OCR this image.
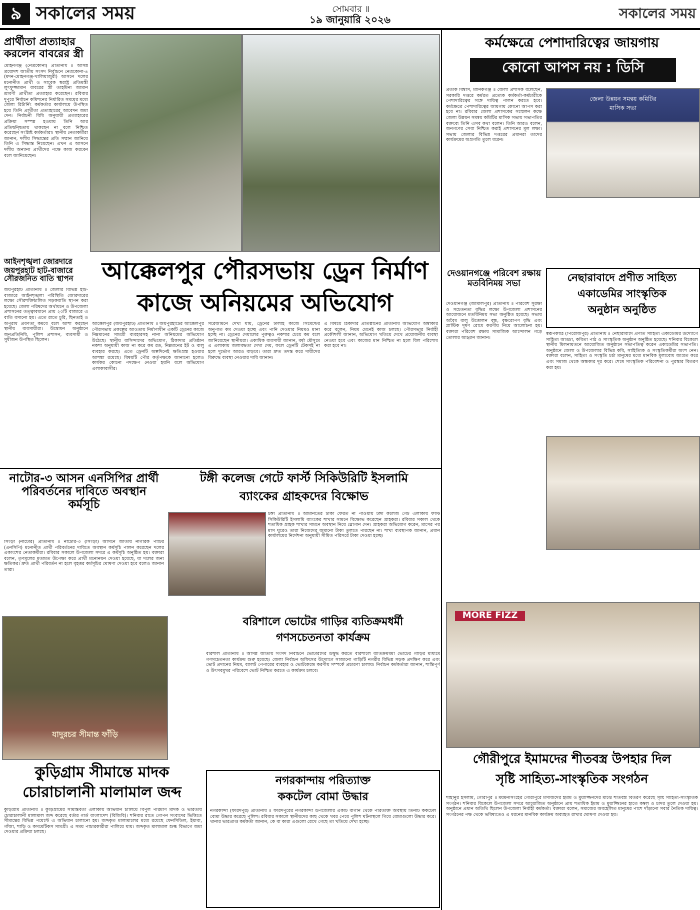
৯ সকালের সময়	সোমবার ॥
১৯ জানুয়ারি ২০২৬	সকালের সময়
প্রার্থীতা প্রত্যাহার করলেন বাবরের স্ত্রী
মোহনগঞ্জ (নেত্রকোনা) প্রতিনিধি ॥ আসন্ন ত্রয়োদশ জাতীয় সংসদ নির্বাচনে নেত্রকোনা-৪ (মদন-মোহনগঞ্জ-খালিয়াজুরী) আসনে দলের মনোনীত প্রার্থী ও সাবেক স্বরাষ্ট্র প্রতিমন্ত্রী লুৎফুজ্জামান বাবরের স্ত্রী তাহমিনা জামান শ্রাবণী প্রার্থীতা প্রত্যাহার করেছেন। রবিবার দুপুরে নির্বাচন কমিশনের নির্ধারিত সময়ের মধ্যে জেলা রিটার্নিং কর্মকর্তার কার্যালয়ে উপস্থিত হয়ে তিনি প্রার্থীতা প্রত্যাহারের আবেদন জমা দেন। নির্বাচনী বিধি অনুযায়ী প্রত্যাহারের প্রক্রিয়া সম্পন্ন হওয়ায় তিনি আর প্রতিদ্বন্দ্বিতায় থাকছেন না বলে নিশ্চিত করেছেন সংশ্লিষ্ট কর্মকর্তারা। স্থানীয় নেতাকর্মীরা জানান, দলীয় সিদ্ধান্তের প্রতি সম্মান জানিয়ে তিনি এ সিদ্ধান্ত নিয়েছেন। এখন এ আসনে দলীয় অন্যান্য প্রার্থীদের পক্ষে কাজ করবেন বলে জানিয়েছেন।
আইনশৃঙ্খলা জোরদারে জয়পুরহাট হাট-বাজারে সৌরজনিত বাতি স্থাপন
জয়পুরহাট প্রতিনিধি ॥ জেলার বিভিন্ন হাট-বাজারে আইনশৃঙ্খলা পরিস্থিতি জোরদারের লক্ষ্যে সৌরশক্তিচালিত সড়কবাতি স্থাপন করা হয়েছে। জেলা পরিষদের অর্থায়নে ও উপজেলা প্রশাসনের তত্ত্বাবধানে প্রায় ২০টি বাজারে এ বাতি বসানো হয়। এতে রাতে চুরি, ছিনতাই ও অপরাধ প্রবণতা কমবে বলে আশা করছেন স্থানীয় ব্যবসায়ীরা। উদ্বোধন অনুষ্ঠানে জনপ্রতিনিধি, পুলিশ প্রশাসন, ব্যবসায়ী ও সুধীজন উপস্থিত ছিলেন।
আক্কেলপুর পৌরসভায় ড্রেন নির্মাণ
কাজে অনিয়মের অভিযোগ
আক্কেলপুর (জয়পুরহাট) প্রতিনিধি ॥ জয়পুরহাটের আক্কেলপুর পৌরসভায় প্রকল্পের আওতায় নির্মাণাধীন একটি ড্রেনের কাজে নিম্নমানের সামগ্রী ব্যবহারসহ নানা অনিয়মের অভিযোগ উঠেছে। স্থানীয় বাসিন্দাদের অভিযোগ, ঠিকাদার প্রতিষ্ঠান নকশা অনুযায়ী কাজ না করে কম রড, নিম্নমানের ইট ও বালু ব্যবহার করছে। এতে ড্রেনটি অল্পদিনেই ক্ষতিগ্রস্ত হওয়ার আশঙ্কা রয়েছে। বিষয়টি পৌর কর্তৃপক্ষকে জানানো হলেও কার্যকর কোনো পদক্ষেপ নেওয়া হয়নি বলে অভিযোগ এলাকাবাসীর।
সরেজমিনে দেখা যায়, ড্রেনের ঢালাই কাজে সিমেন্টের অনুপাত কম দেওয়া হচ্ছে এবং পানি দেওয়ার নিয়মও মানা হচ্ছে না। ড্রেনের দেয়ালের পুরুত্বও নকশার চেয়ে কম বলে জানিয়েছেন স্থানীয়রা। একাধিক ব্যবসায়ী জানান, বর্ষা মৌসুমে এ এলাকায় জলাবদ্ধতা দেখা দেয়, ফলে ড্রেনটি টেকসই না হলে দুর্ভোগ আরও বাড়বে। তারা দ্রুত তদন্ত করে দায়ীদের বিরুদ্ধে ব্যবস্থা নেওয়ার দাবি জানান।
এ বিষয়ে ঠিকাদার প্রতিষ্ঠানের প্রতিনিধি অভিযোগ অস্বীকার করে বলেন, নিয়ম মেনেই কাজ চলছে। পৌরসভার নির্বাহী প্রকৌশলী জানান, অভিযোগ খতিয়ে দেখে প্রয়োজনীয় ব্যবস্থা নেওয়া হবে এবং কাজের মান নিশ্চিত না হলে বিল পরিশোধ করা হবে না।
নাটোর-৩ আসন এনসিপির প্রার্থী পরিবর্তনের দাবিতে অবস্থান কর্মসূচি
সিংড়া (নাটোর) প্রতিনিধি ॥ নাটোর-৩ (সিংড়া) আসনে জাতীয় নাগরিক পার্টির (এনসিপি) মনোনীত প্রার্থী পরিবর্তনের দাবিতে অবস্থান কর্মসূচি পালন করেছেন দলের একাংশের নেতাকর্মীরা। রবিবার সকালে উপজেলা সদরে এ কর্মসূচি অনুষ্ঠিত হয়। বক্তারা বলেন, তৃণমূলের মতামত উপেক্ষা করে প্রার্থী মনোনয়ন দেওয়া হয়েছে, যা দলের জন্য ক্ষতিকর। দ্রুত প্রার্থী পরিবর্তন না হলে বৃহত্তর কর্মসূচির ঘোষণা দেওয়া হবে বলেও জানান তারা।
টঙ্গী কলেজ গেটে ফার্স্ট সিকিউরিটি ইসলামি
ব্যাংকের গ্রাহকদের বিক্ষোভ
টঙ্গী প্রতিনিধি ॥ আমানতের টাকা ফেরত না পাওয়ায় টঙ্গী কলেজ গেট এলাকায় ফার্স্ট সিকিউরিটি ইসলামি ব্যাংকের শাখার সামনে বিক্ষোভ করেছেন গ্রাহকরা। রবিবার সকাল থেকে শতাধিক গ্রাহক শাখার সামনে অবস্থান নিয়ে স্লোগান দেন। গ্রাহকরা অভিযোগ করেন, মাসের পর মাস ঘুরেও তারা নিজেদের জমানো টাকা তুলতে পারছেন না। শাখা ব্যবস্থাপক জানান, প্রধান কার্যালয়ের নির্দেশনা অনুযায়ী সীমিত পরিসরে টাকা দেওয়া হচ্ছে।
যাদুরচর সীমান্ত ফাঁড়ি
কুড়িগ্রাম সীমান্তে মাদক
চোরাচালানী মালামাল জব্দ
কুড়িগ্রাম প্রতিনিধি ॥ কুড়িগ্রামের সীমান্তবর্তী এলাকায় অভিযান চালিয়ে বিপুল পরিমাণ মাদক ও ভারতীয় চোরাচালানী মালামাল জব্দ করেছে বর্ডার গার্ড বাংলাদেশ (বিজিবি)। শনিবার রাতে গোপন সংবাদের ভিত্তিতে সীমান্তের বিভিন্ন পয়েন্টে এ অভিযান চালানো হয়। জব্দকৃত মালামালের মধ্যে রয়েছে ফেনসিডিল, ইয়াবা, গাঁজা, শাড়ি ও কসমেটিকস সামগ্রী। এ সময় পাচারকারীরা পালিয়ে যায়। জব্দকৃত মালামাল শুল্ক বিভাগে জমা দেওয়ার প্রক্রিয়া চলছে।
বরিশালে ভোটের গাড়ির ব্যতিক্রমধর্মী
গণসচেতনতা কার্যক্রম
বরিশাল প্রতিনিধি ॥ আসন্ন জাতীয় সংসদ নির্বাচনে ভোটারদের উদ্বুদ্ধ করতে বরিশালে ব্যতিক্রমধর্মী ভোটের গাড়ির মাধ্যমে গণসচেতনতা কার্যক্রম শুরু হয়েছে। জেলা নির্বাচন অফিসের উদ্যোগে সাজানো গাড়িটি নগরীর বিভিন্ন সড়ক প্রদক্ষিণ করে এবং ভোট প্রদানের নিয়ম, ব্যালট পেপারের ব্যবহার ও ভোটকেন্দ্রে করণীয় সম্পর্কে প্রচারণা চালায়। নির্বাচন কর্মকর্তারা জানান, শান্তিপূর্ণ ও উৎসবমুখর পরিবেশে ভোট নিশ্চিত করতে এ কার্যক্রম চলবে।
নগরকান্দায় পরিত্যাক্ত
ককটেল বোমা উদ্ধার
নগরকান্দা (ফরিদপুর) প্রতিনিধি ॥ ফরিদপুরের নগরকান্দা উপজেলার একটি বাগান থেকে পরিত্যক্ত অবস্থায় তিনটি ককটেল বোমা উদ্ধার করেছে পুলিশ। রবিবার সকালে স্থানীয়দের কাছ থেকে খবর পেয়ে পুলিশ ঘটনাস্থলে গিয়ে বোমাগুলো উদ্ধার করে। থানার ভারপ্রাপ্ত কর্মকর্তা জানান, কে বা কারা এগুলো রেখে গেছে তা খতিয়ে দেখা হচ্ছে।
কর্মক্ষেত্রে পেশাদারিত্বের জায়গায়
কোনো আপস নয় : ডিসি
প্রতীক বিশ্বাস, মানিকগঞ্জ ॥ জেলা প্রশাসক বলেছেন, সরকারি দপ্তরে কর্মরত প্রত্যেক কর্মকর্তা-কর্মচারীকে পেশাদারিত্বের সঙ্গে দায়িত্ব পালন করতে হবে। কর্মক্ষেত্রে পেশাদারিত্বের জায়গায় কোনো আপস করা হবে না। রবিবার জেলা প্রশাসকের সম্মেলন কক্ষে জেলা উন্নয়ন সমন্বয় কমিটির মাসিক সভায় সভাপতির বক্তব্যে তিনি এসব কথা বলেন। তিনি আরও বলেন, জনগণের সেবা নিশ্চিত করাই প্রশাসনের মূল লক্ষ্য। সভায় জেলার বিভিন্ন দপ্তরের প্রধানরা তাদের কার্যক্রমের অগ্রগতি তুলে ধরেন।
জেলা উন্নয়ন সমন্বয় কমিটির
মাসিক সভা
দেওয়ানগঞ্জে পরিবেশ রক্ষায় মতবিনিময় সভা
দেওয়ানগঞ্জ (জামালপুর) প্রতিনিধি ॥ পরিবেশ সুরক্ষা ও সচেতনতা বৃদ্ধির লক্ষ্যে উপজেলা প্রশাসনের আয়োজনে মতবিনিময় সভা অনুষ্ঠিত হয়েছে। সভায় অবৈধ বালু উত্তোলন বন্ধ, বৃক্ষরোপণ বৃদ্ধি এবং প্লাস্টিক দূষণ রোধে করণীয় নিয়ে আলোচনা হয়। বক্তারা পরিবেশ রক্ষায় সামাজিক আন্দোলন গড়ে তোলার আহ্বান জানান।
নেছারাবাদে প্রণীত সাহিত্য
একাডেমির সাংস্কৃতিক
অনুষ্ঠান অনুষ্ঠিত
স্বরূপকাঠি (পিরোজপুর) প্রতিনিধি ॥ নেছারাবাদে প্রণীত সাহিত্য একাডেমির উদ্যোগে সাহিত্য আড্ডা, কবিতা পাঠ ও সাংস্কৃতিক অনুষ্ঠান অনুষ্ঠিত হয়েছে। শনিবার বিকেলে স্থানীয় মিলনায়তনে আয়োজিত অনুষ্ঠানে সভাপতিত্ব করেন একাডেমির সভাপতি। অনুষ্ঠানে জেলা ও উপজেলার বিভিন্ন কবি, সাহিত্যিক ও সংস্কৃতিকর্মীরা অংশ নেন। বক্তারা বলেন, সাহিত্য ও সংস্কৃতি চর্চা মানুষের মধ্যে মানবিক মূল্যবোধ জাগ্রত করে এবং সমাজ থেকে অন্ধকার দূর করে। শেষে সাংস্কৃতিক পরিবেশনা ও পুরস্কার বিতরণ করা হয়।
MORE FIZZ
গৌরীপুরে ইমামদের শীতবস্ত্র উপহার দিল
সৃষ্টি সাহিত্য-সাংস্কৃতিক সংগঠন
শাহীনুর ইসলাম, গৌরীপুর ॥ ময়মনসিংহের গৌরীপুরে মসজিদের ইমাম ও মুয়াজ্জিনদের মাঝে শীতবস্ত্র বিতরণ করেছে সৃষ্টি সাহিত্য-সাংস্কৃতিক সংগঠন। শনিবার বিকেলে উপজেলা সদরে আয়োজিত অনুষ্ঠানে প্রায় শতাধিক ইমাম ও মুয়াজ্জিনের হাতে কম্বল ও চাদর তুলে দেওয়া হয়। অনুষ্ঠানে প্রধান অতিথি ছিলেন উপজেলা নির্বাহী কর্মকর্তা। বক্তারা বলেন, সমাজের অবহেলিত মানুষের পাশে দাঁড়ানো সবার নৈতিক দায়িত্ব। সংগঠনের পক্ষ থেকে ভবিষ্যতেও এ ধরনের মানবিক কার্যক্রম অব্যাহত রাখার ঘোষণা দেওয়া হয়।
